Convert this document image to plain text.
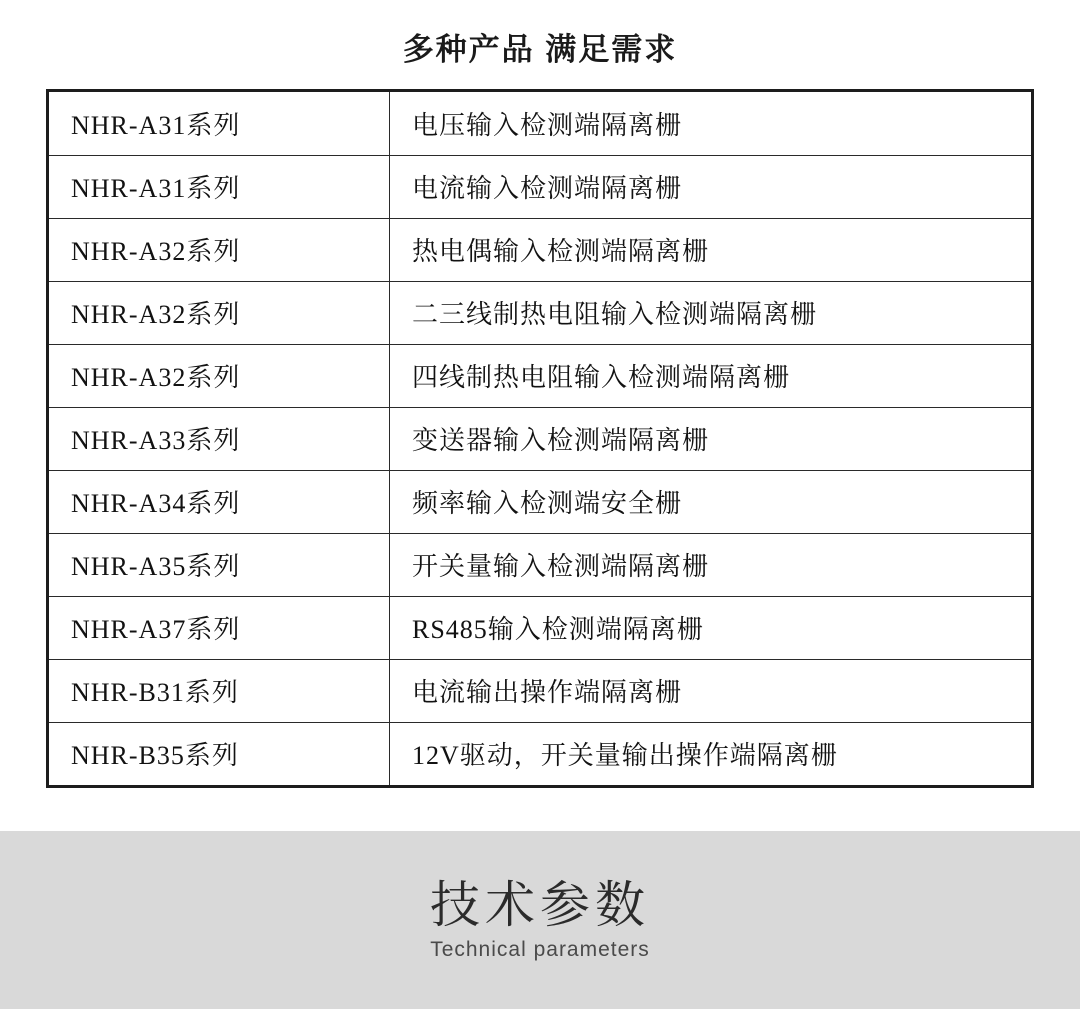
多种产品 满足需求
NHR-A31系列	电压输入检测端隔离栅
NHR-A31系列	电流输入检测端隔离栅
NHR-A32系列	热电偶输入检测端隔离栅
NHR-A32系列	二三线制热电阻输入检测端隔离栅
NHR-A32系列	四线制热电阻输入检测端隔离栅
NHR-A33系列	变送器输入检测端隔离栅
NHR-A34系列	频率输入检测端安全栅
NHR-A35系列	开关量输入检测端隔离栅
NHR-A37系列	RS485输入检测端隔离栅
NHR-B31系列	电流输出操作端隔离栅
NHR-B35系列	12V驱动，开关量输出操作端隔离栅
技术参数
Technical parameters
